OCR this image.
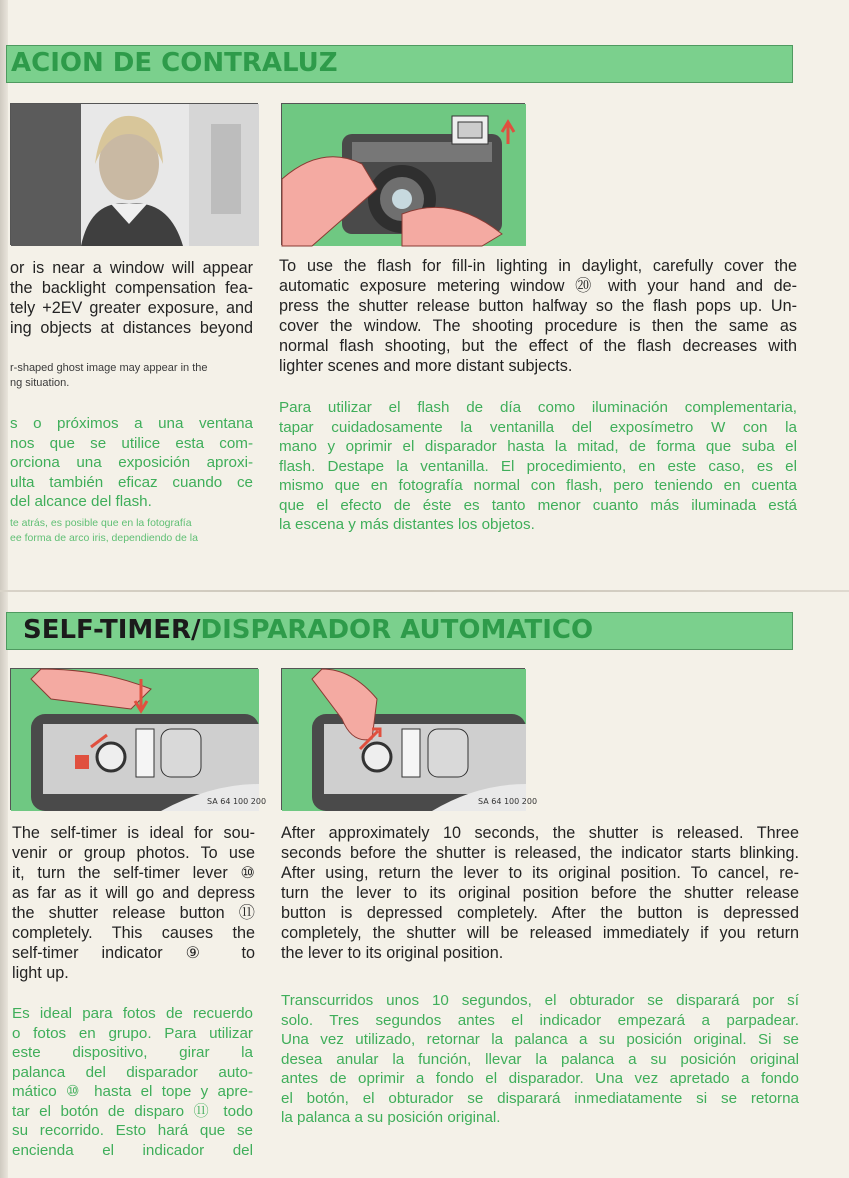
ACION DE CONTRALUZ
or is near a window will appear
the backlight compensation fea-
tely +2EV greater exposure, and
ing objects at distances beyond
r-shaped ghost image may appear in the
ng situation.
s o próximos a una ventana
nos que se utilice esta com-
orciona una exposición aproxi-
ulta también eficaz cuando ce
del alcance del flash.
te atrás, es posible que en la fotografía
ee forma de arco iris, dependiendo de la
To use the flash for fill-in lighting in daylight, carefully cover the
automatic exposure metering window ⑳ with your hand and de-
press the shutter release button halfway so the flash pops up. Un-
cover the window. The shooting procedure is then the same as
normal flash shooting, but the effect of the flash decreases with
lighter scenes and more distant subjects.
Para utilizar el flash de día como iluminación complementaria,
tapar cuidadosamente la ventanilla del exposímetro W con la
mano y oprimir el disparador hasta la mitad, de forma que suba el
flash. Destape la ventanilla. El procedimiento, en este caso, es el
mismo que en fotografía normal con flash, pero teniendo en cuenta
que el efecto de éste es tanto menor cuanto más iluminada está
la escena y más distantes los objetos.
SELF-TIMER/DISPARADOR AUTOMATICO
SA 64 100 200	SA 64 100 200
The self-timer is ideal for sou-
venir or group photos. To use
it, turn the self-timer lever ⑩
as far as it will go and depress
the shutter release button ⑪
completely. This causes the
self-timer indicator ⑨ to
light up.
Es ideal para fotos de recuerdo
o fotos en grupo. Para utilizar
este dispositivo, girar la
palanca del disparador auto-
mático ⑩ hasta el tope y apre-
tar el botón de disparo ⑪ todo
su recorrido. Esto hará que se
encienda el indicador del
After approximately 10 seconds, the shutter is released. Three
seconds before the shutter is released, the indicator starts blinking.
After using, return the lever to its original position. To cancel, re-
turn the lever to its original position before the shutter release
button is depressed completely. After the button is depressed
completely, the shutter will be released immediately if you return
the lever to its original position.
Transcurridos unos 10 segundos, el obturador se disparará por sí
solo. Tres segundos antes el indicador empezará a parpadear.
Una vez utilizado, retornar la palanca a su posición original. Si se
desea anular la función, llevar la palanca a su posición original
antes de oprimir a fondo el disparador. Una vez apretado a fondo
el botón, el obturador se disparará inmediatamente si se retorna
la palanca a su posición original.
